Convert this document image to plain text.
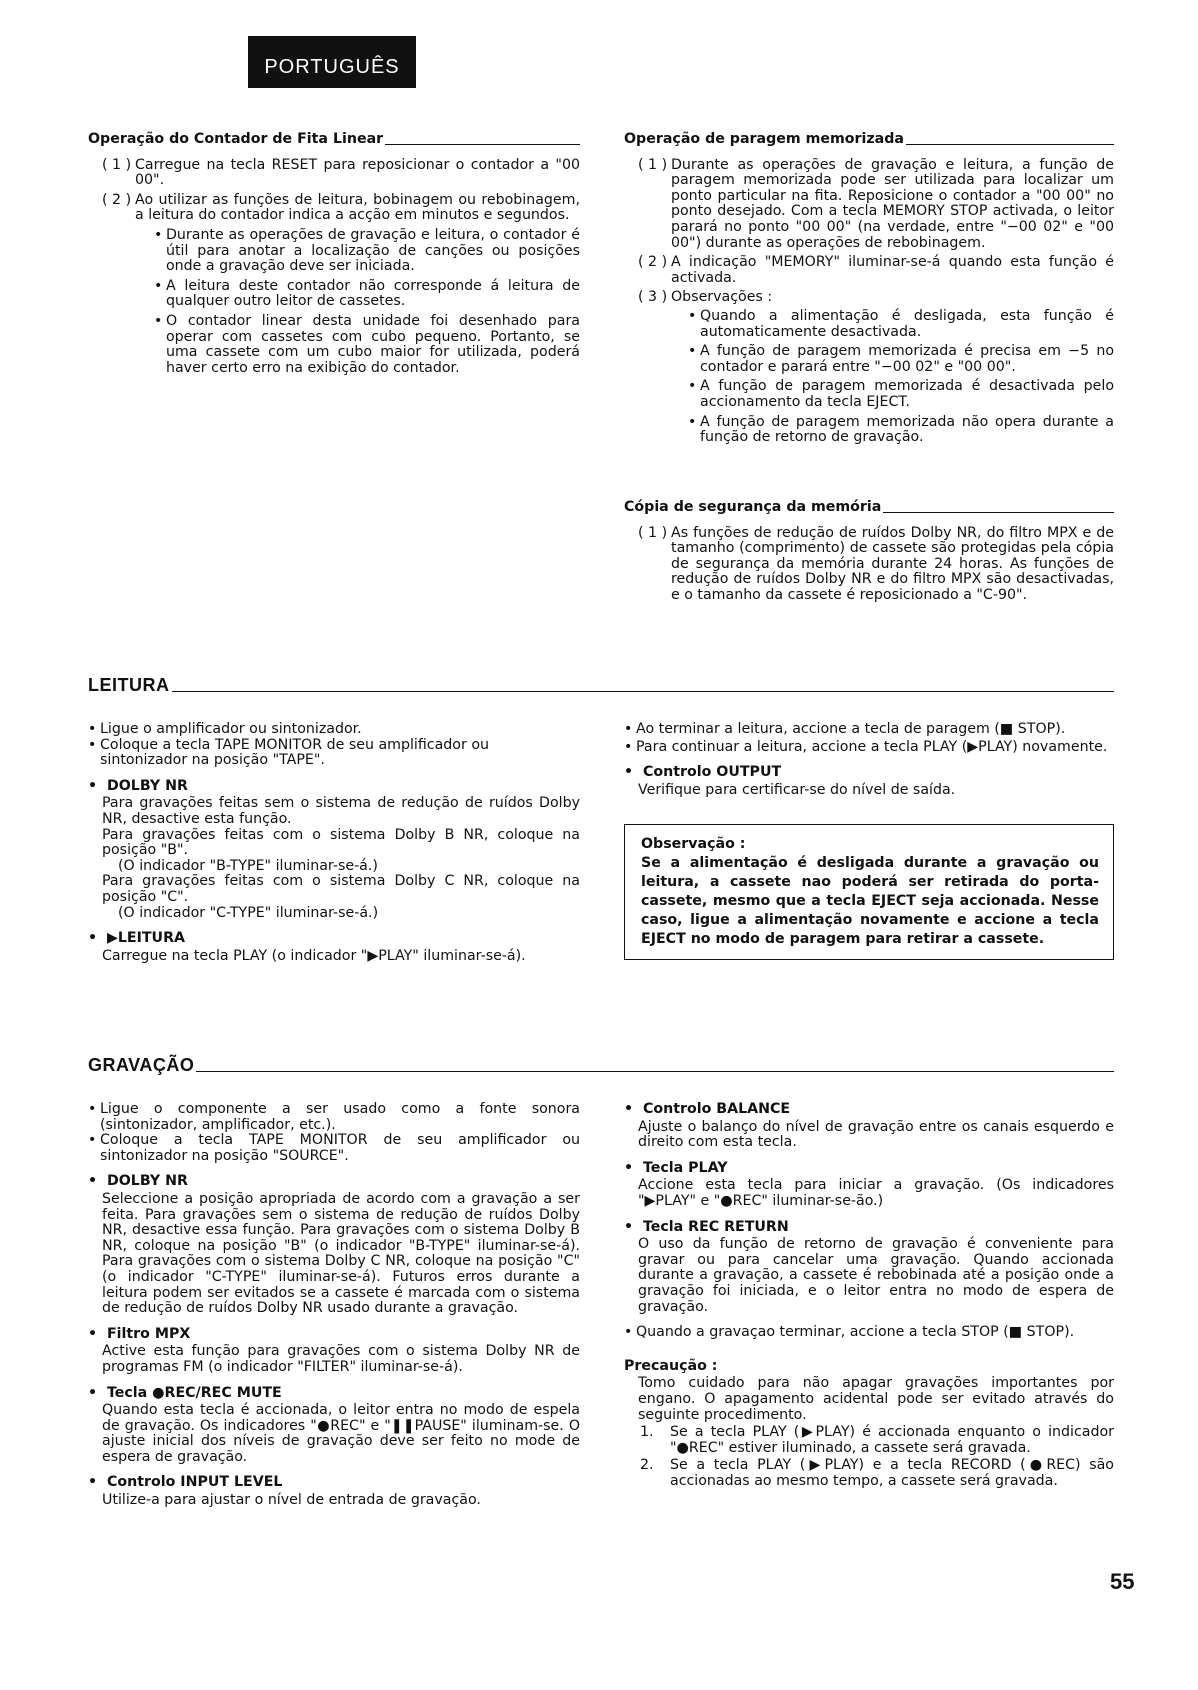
PORTUGUÊS
Operação do Contador de Fita Linear
( 1 ) Carregue na tecla RESET para reposicionar o contador a "00 00".
( 2 ) Ao utilizar as funções de leitura, bobinagem ou rebobinagem, a leitura do contador indica a acção em minutos e segundos.
• Durante as operações de gravação e leitura, o contador é útil para anotar a localização de canções ou posições onde a gravação deve ser iniciada.
• A leitura deste contador não corresponde á leitura de qualquer outro leitor de cassetes.
• O contador linear desta unidade foi desenhado para operar com cassetes com cubo pequeno. Portanto, se uma cassete com um cubo maior for utilizada, poderá haver certo erro na exibição do contador.
Operação de paragem memorizada
( 1 ) Durante as operações de gravação e leitura, a função de paragem memorizada pode ser utilizada para localizar um ponto particular na fita. Reposicione o contador a "00 00" no ponto desejado. Com a tecla MEMORY STOP activada, o leitor parará no ponto "00 00" (na verdade, entre "−00 02" e "00 00") durante as operações de rebobinagem.
( 2 ) A indicação "MEMORY" iluminar-se-á quando esta função é activada.
( 3 ) Observações :
• Quando a alimentação é desligada, esta função é automaticamente desactivada.
• A função de paragem memorizada é precisa em −5 no contador e parará entre "−00 02" e "00 00".
• A função de paragem memorizada é desactivada pelo accionamento da tecla EJECT.
• A função de paragem memorizada não opera durante a função de retorno de gravação.
Cópia de segurança da memória
( 1 ) As funções de redução de ruídos Dolby NR, do filtro MPX e de tamanho (comprimento) de cassete são protegidas pela cópia de segurança da memória durante 24 horas. As funções de redução de ruídos Dolby NR e do filtro MPX são desactivadas, e o tamanho da cassete é reposicionado a "C-90".
LEITURA
• Ligue o amplificador ou sintonizador.
• Coloque a tecla TAPE MONITOR de seu amplificador ou sintonizador na posição "TAPE".
•  DOLBY NR
Para gravações feitas sem o sistema de redução de ruídos Dolby NR, desactive esta função.
Para gravações feitas com o sistema Dolby B NR, coloque na posição "B".
(O indicador "B-TYPE" iluminar-se-á.)
Para gravações feitas com o sistema Dolby C NR, coloque na posição "C".
(O indicador "C-TYPE" iluminar-se-á.)
•  ▶LEITURA
Carregue na tecla PLAY (o indicador "▶PLAY" iluminar-se-á).
• Ao terminar a leitura, accione a tecla de paragem (■ STOP).
• Para continuar a leitura, accione a tecla PLAY (▶PLAY) novamente.
•  Controlo OUTPUT
Verifique para certificar-se do nível de saída.
Observação :
Se a alimentação é desligada durante a gravação ou leitura, a cassete nao poderá ser retirada do porta-cassete, mesmo que a tecla EJECT seja accionada. Nesse caso, ligue a alimentação novamente e accione a tecla EJECT no modo de paragem para retirar a cassete.
GRAVAÇÃO
• Ligue o componente a ser usado como a fonte sonora (sintonizador, amplificador, etc.).
• Coloque a tecla TAPE MONITOR de seu amplificador ou sintonizador na posição "SOURCE".
•  DOLBY NR
Seleccione a posição apropriada de acordo com a gravação a ser feita. Para gravações sem o sistema de redução de ruídos Dolby NR, desactive essa função. Para gravações com o sistema Dolby B NR, coloque na posição "B" (o indicador "B-TYPE" iluminar-se-á). Para gravações com o sistema Dolby C NR, coloque na posição "C" (o indicador "C-TYPE" iluminar-se-á). Futuros erros durante a leitura podem ser evitados se a cassete é marcada com o sistema de redução de ruídos Dolby NR usado durante a gravação.
•  Filtro MPX
Active esta função para gravações com o sistema Dolby NR de programas FM (o indicador "FILTER" iluminar-se-á).
•  Tecla ●REC/REC MUTE
Quando esta tecla é accionada, o leitor entra no modo de espela de gravação. Os indicadores "●REC" e "❚❚PAUSE" iluminam-se. O ajuste inicial dos níveis de gravação deve ser feito no mode de espera de gravação.
•  Controlo INPUT LEVEL
Utilize-a para ajustar o nível de entrada de gravação.
•  Controlo BALANCE
Ajuste o balanço do nível de gravação entre os canais esquerdo e direito com esta tecla.
•  Tecla PLAY
Accione esta tecla para iniciar a gravação. (Os indicadores "▶PLAY" e "●REC" iluminar-se-ão.)
•  Tecla REC RETURN
O uso da função de retorno de gravação é conveniente para gravar ou para cancelar uma gravação. Quando accionada durante a gravação, a cassete é rebobinada até a posição onde a gravação foi iniciada, e o leitor entra no modo de espera de gravação.
• Quando a gravaçao terminar, accione a tecla STOP (■ STOP).
Precaução :
Tomo cuidado para não apagar gravações importantes por engano. O apagamento acidental pode ser evitado através do seguinte procedimento.
1.	Se a tecla PLAY (▶PLAY) é accionada enquanto o indicador "●REC" estiver iluminado, a cassete será gravada.
2.	Se a tecla PLAY (▶PLAY) e a tecla RECORD (●REC) são accionadas ao mesmo tempo, a cassete será gravada.
55
